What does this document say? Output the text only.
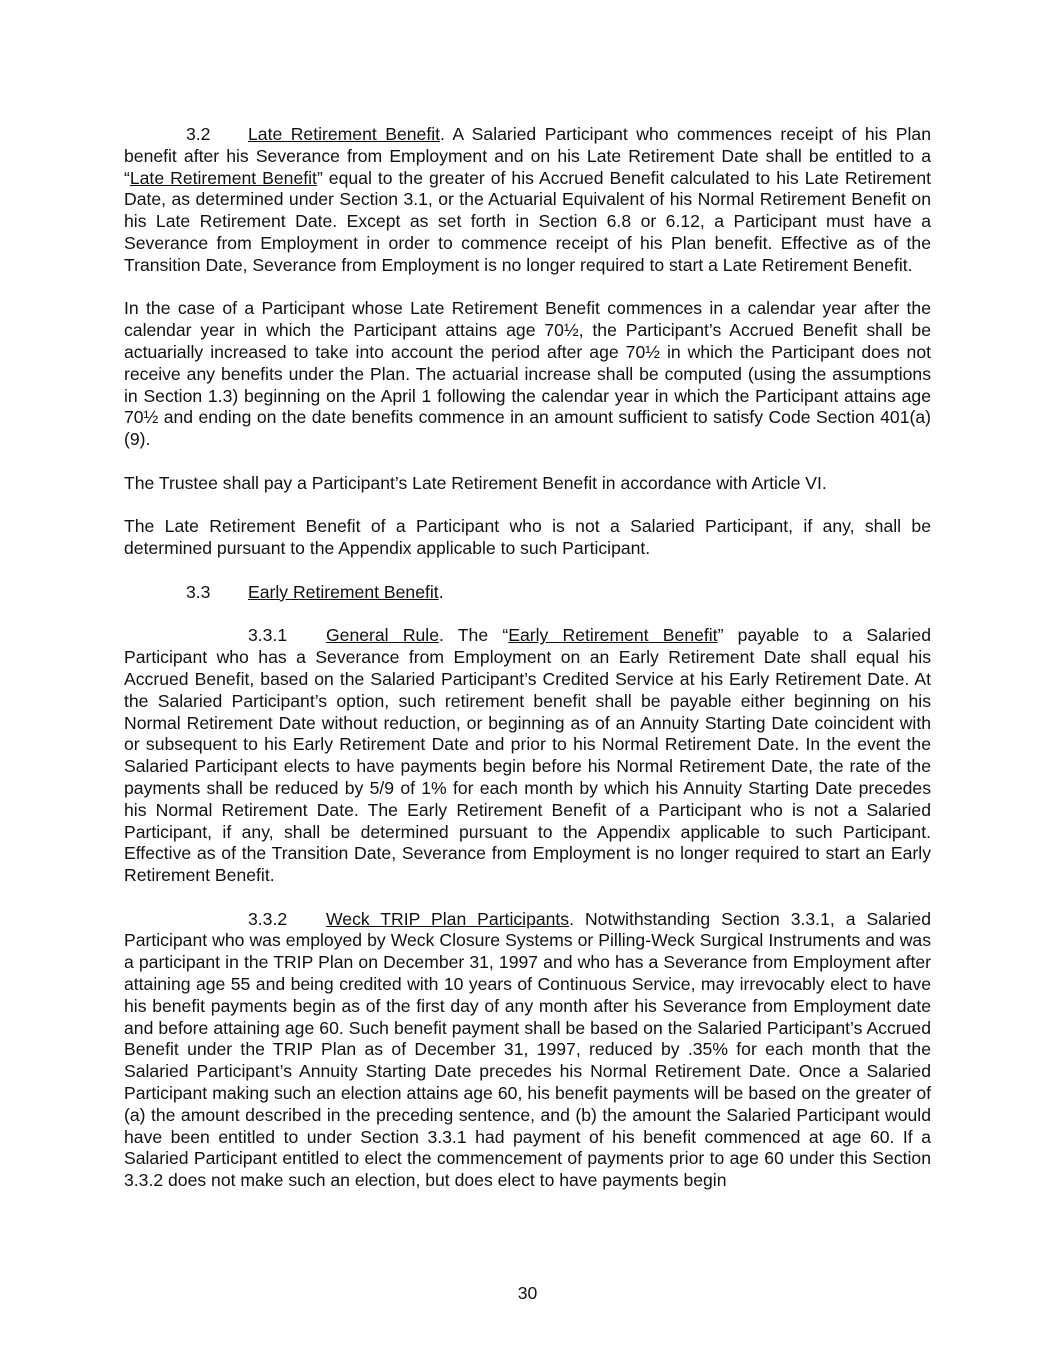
3.2 Late Retirement Benefit. A Salaried Participant who commences receipt of his Plan benefit after his Severance from Employment and on his Late Retirement Date shall be entitled to a “Late Retirement Benefit” equal to the greater of his Accrued Benefit calculated to his Late Retirement Date, as determined under Section 3.1, or the Actuarial Equivalent of his Normal Retirement Benefit on his Late Retirement Date. Except as set forth in Section 6.8 or 6.12, a Participant must have a Severance from Employment in order to commence receipt of his Plan benefit. Effective as of the Transition Date, Severance from Employment is no longer required to start a Late Retirement Benefit.

In the case of a Participant whose Late Retirement Benefit commences in a calendar year after the calendar year in which the Participant attains age 70½, the Participant’s Accrued Benefit shall be actuarially increased to take into account the period after age 70½ in which the Participant does not receive any benefits under the Plan. The actuarial increase shall be computed (using the assumptions in Section 1.3) beginning on the April 1 following the calendar year in which the Participant attains age 70½ and ending on the date benefits commence in an amount sufficient to satisfy Code Section 401(a)(9).

The Trustee shall pay a Participant’s Late Retirement Benefit in accordance with Article VI.

The Late Retirement Benefit of a Participant who is not a Salaried Participant, if any, shall be determined pursuant to the Appendix applicable to such Participant.

3.3 Early Retirement Benefit.

3.3.1 General Rule. The “Early Retirement Benefit” payable to a Salaried Participant who has a Severance from Employment on an Early Retirement Date shall equal his Accrued Benefit, based on the Salaried Participant’s Credited Service at his Early Retirement Date. At the Salaried Participant’s option, such retirement benefit shall be payable either beginning on his Normal Retirement Date without reduction, or beginning as of an Annuity Starting Date coincident with or subsequent to his Early Retirement Date and prior to his Normal Retirement Date. In the event the Salaried Participant elects to have payments begin before his Normal Retirement Date, the rate of the payments shall be reduced by 5/9 of 1% for each month by which his Annuity Starting Date precedes his Normal Retirement Date. The Early Retirement Benefit of a Participant who is not a Salaried Participant, if any, shall be determined pursuant to the Appendix applicable to such Participant. Effective as of the Transition Date, Severance from Employment is no longer required to start an Early Retirement Benefit.

3.3.2 Weck TRIP Plan Participants. Notwithstanding Section 3.3.1, a Salaried Participant who was employed by Weck Closure Systems or Pilling-Weck Surgical Instruments and was a participant in the TRIP Plan on December 31, 1997 and who has a Severance from Employment after attaining age 55 and being credited with 10 years of Continuous Service, may irrevocably elect to have his benefit payments begin as of the first day of any month after his Severance from Employment date and before attaining age 60. Such benefit payment shall be based on the Salaried Participant’s Accrued Benefit under the TRIP Plan as of December 31, 1997, reduced by .35% for each month that the Salaried Participant’s Annuity Starting Date precedes his Normal Retirement Date. Once a Salaried Participant making such an election attains age 60, his benefit payments will be based on the greater of (a) the amount described in the preceding sentence, and (b) the amount the Salaried Participant would have been entitled to under Section 3.3.1 had payment of his benefit commenced at age 60. If a Salaried Participant entitled to elect the commencement of payments prior to age 60 under this Section 3.3.2 does not make such an election, but does elect to have payments begin

30
